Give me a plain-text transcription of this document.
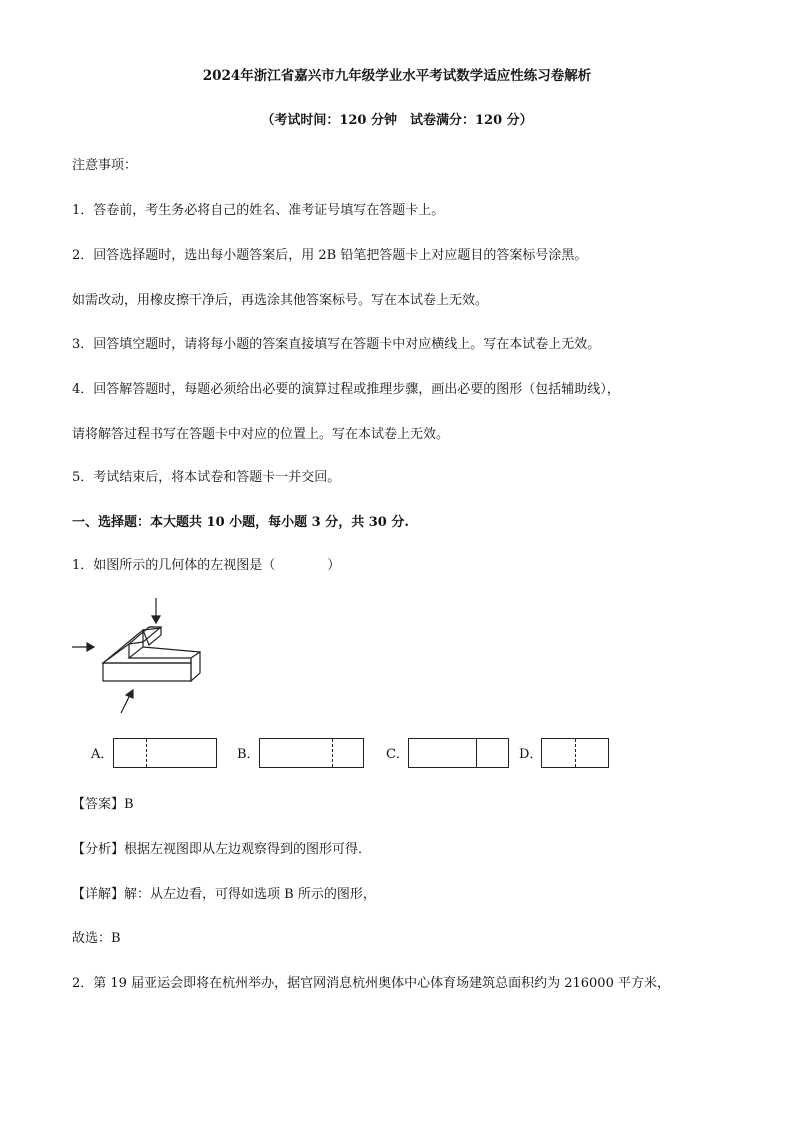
2024年浙江省嘉兴市九年级学业水平考试数学适应性练习卷解析
（考试时间：120 分钟　试卷满分：120 分）
注意事项：
1．答卷前，考生务必将自己的姓名、准考证号填写在答题卡上。
2．回答选择题时，选出每小题答案后，用 2B 铅笔把答题卡上对应题目的答案标号涂黑。
如需改动，用橡皮擦干净后，再选涂其他答案标号。写在本试卷上无效。
3．回答填空题时，请将每小题的答案直接填写在答题卡中对应横线上。写在本试卷上无效。
4．回答解答题时，每题必须给出必要的演算过程或推理步骤，画出必要的图形（包括辅助线），
请将解答过程书写在答题卡中对应的位置上。写在本试卷上无效。
5．考试结束后，将本试卷和答题卡一并交回。
一、选择题：本大题共 10 小题，每小题 3 分，共 30 分.
1．如图所示的几何体的左视图是（　　　　）
A．	B．	C．	D．
【答案】B
【分析】根据左视图即从左边观察得到的图形可得．
【详解】解：从左边看，可得如选项 B 所示的图形，
故选：B
2．第 19 届亚运会即将在杭州举办，据官网消息杭州奥体中心体育场建筑总面积约为 216000 平方米，
